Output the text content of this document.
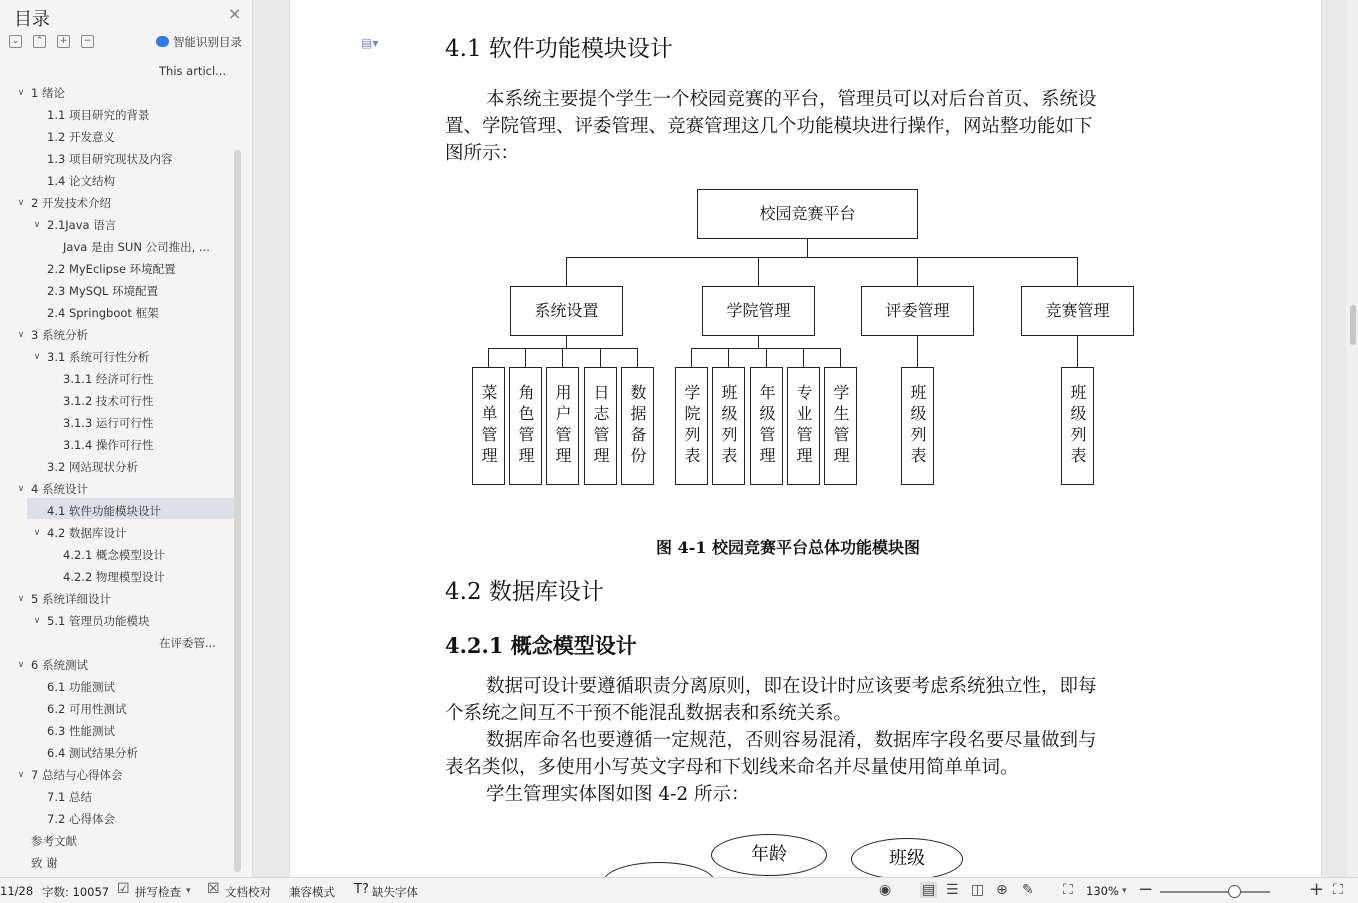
目录	×
⌄	⌃	+	−	智能识别目录
This articl...
∨ 1 绪论
1.1 项目研究的背景
1.2 开发意义
1.3 项目研究现状及内容
1.4 论文结构
∨ 2 开发技术介绍
∨ 2.1Java 语言
Java 是由 SUN 公司推出, ...
2.2 MyEclipse 环境配置
2.3 MySQL 环境配置
2.4 Springboot 框架
∨ 3 系统分析
∨ 3.1 系统可行性分析
3.1.1 经济可行性
3.1.2 技术可行性
3.1.3 运行可行性
3.1.4 操作可行性
3.2 网站现状分析
∨ 4 系统设计
4.1 软件功能模块设计
∨ 4.2 数据库设计
4.2.1 概念模型设计
4.2.2 物理模型设计
∨ 5 系统详细设计
∨ 5.1 管理员功能模块
在评委管...
∨ 6 系统测试
6.1 功能测试
6.2 可用性测试
6.3 性能测试
6.4 测试结果分析
∨ 7 总结与心得体会
7.1 总结
7.2 心得体会
参考文献
致 谢
▤▾	4.1 软件功能模块设计
本系统主要提个学生一个校园竞赛的平台，管理员可以对后台首页、系统设
置、学院管理、评委管理、竞赛管理这几个功能模块进行操作，网站整功能如下
图所示：
校园竞赛平台
系统设置	学院管理	评委管理	竞赛管理
菜单管理	角色管理	用户管理	日志管理	数据备份	学院列表	班级列表	年级管理	专业管理	学生管理	班级列表	班级列表
图 4-1 校园竞赛平台总体功能模块图
4.2 数据库设计
4.2.1 概念模型设计
数据可设计要遵循职责分离原则，即在设计时应该要考虑系统独立性，即每
个系统之间互不干预不能混乱数据表和系统关系。
数据库命名也要遵循一定规范，否则容易混淆，数据库字段名要尽量做到与
表名类似，多使用小写英文字母和下划线来命名并尽量使用简单单词。
学生管理实体图如图 4-2 所示：
年龄	班级
11/28 字数: 10057 ☑ 拼写检查 ▾ ☒ 文档校对 兼容模式 T? 缺失字体	◉ ▤ ☰ ◫ ⊕ ✎ ⛶ 130% ▾ −	+ ⛶
